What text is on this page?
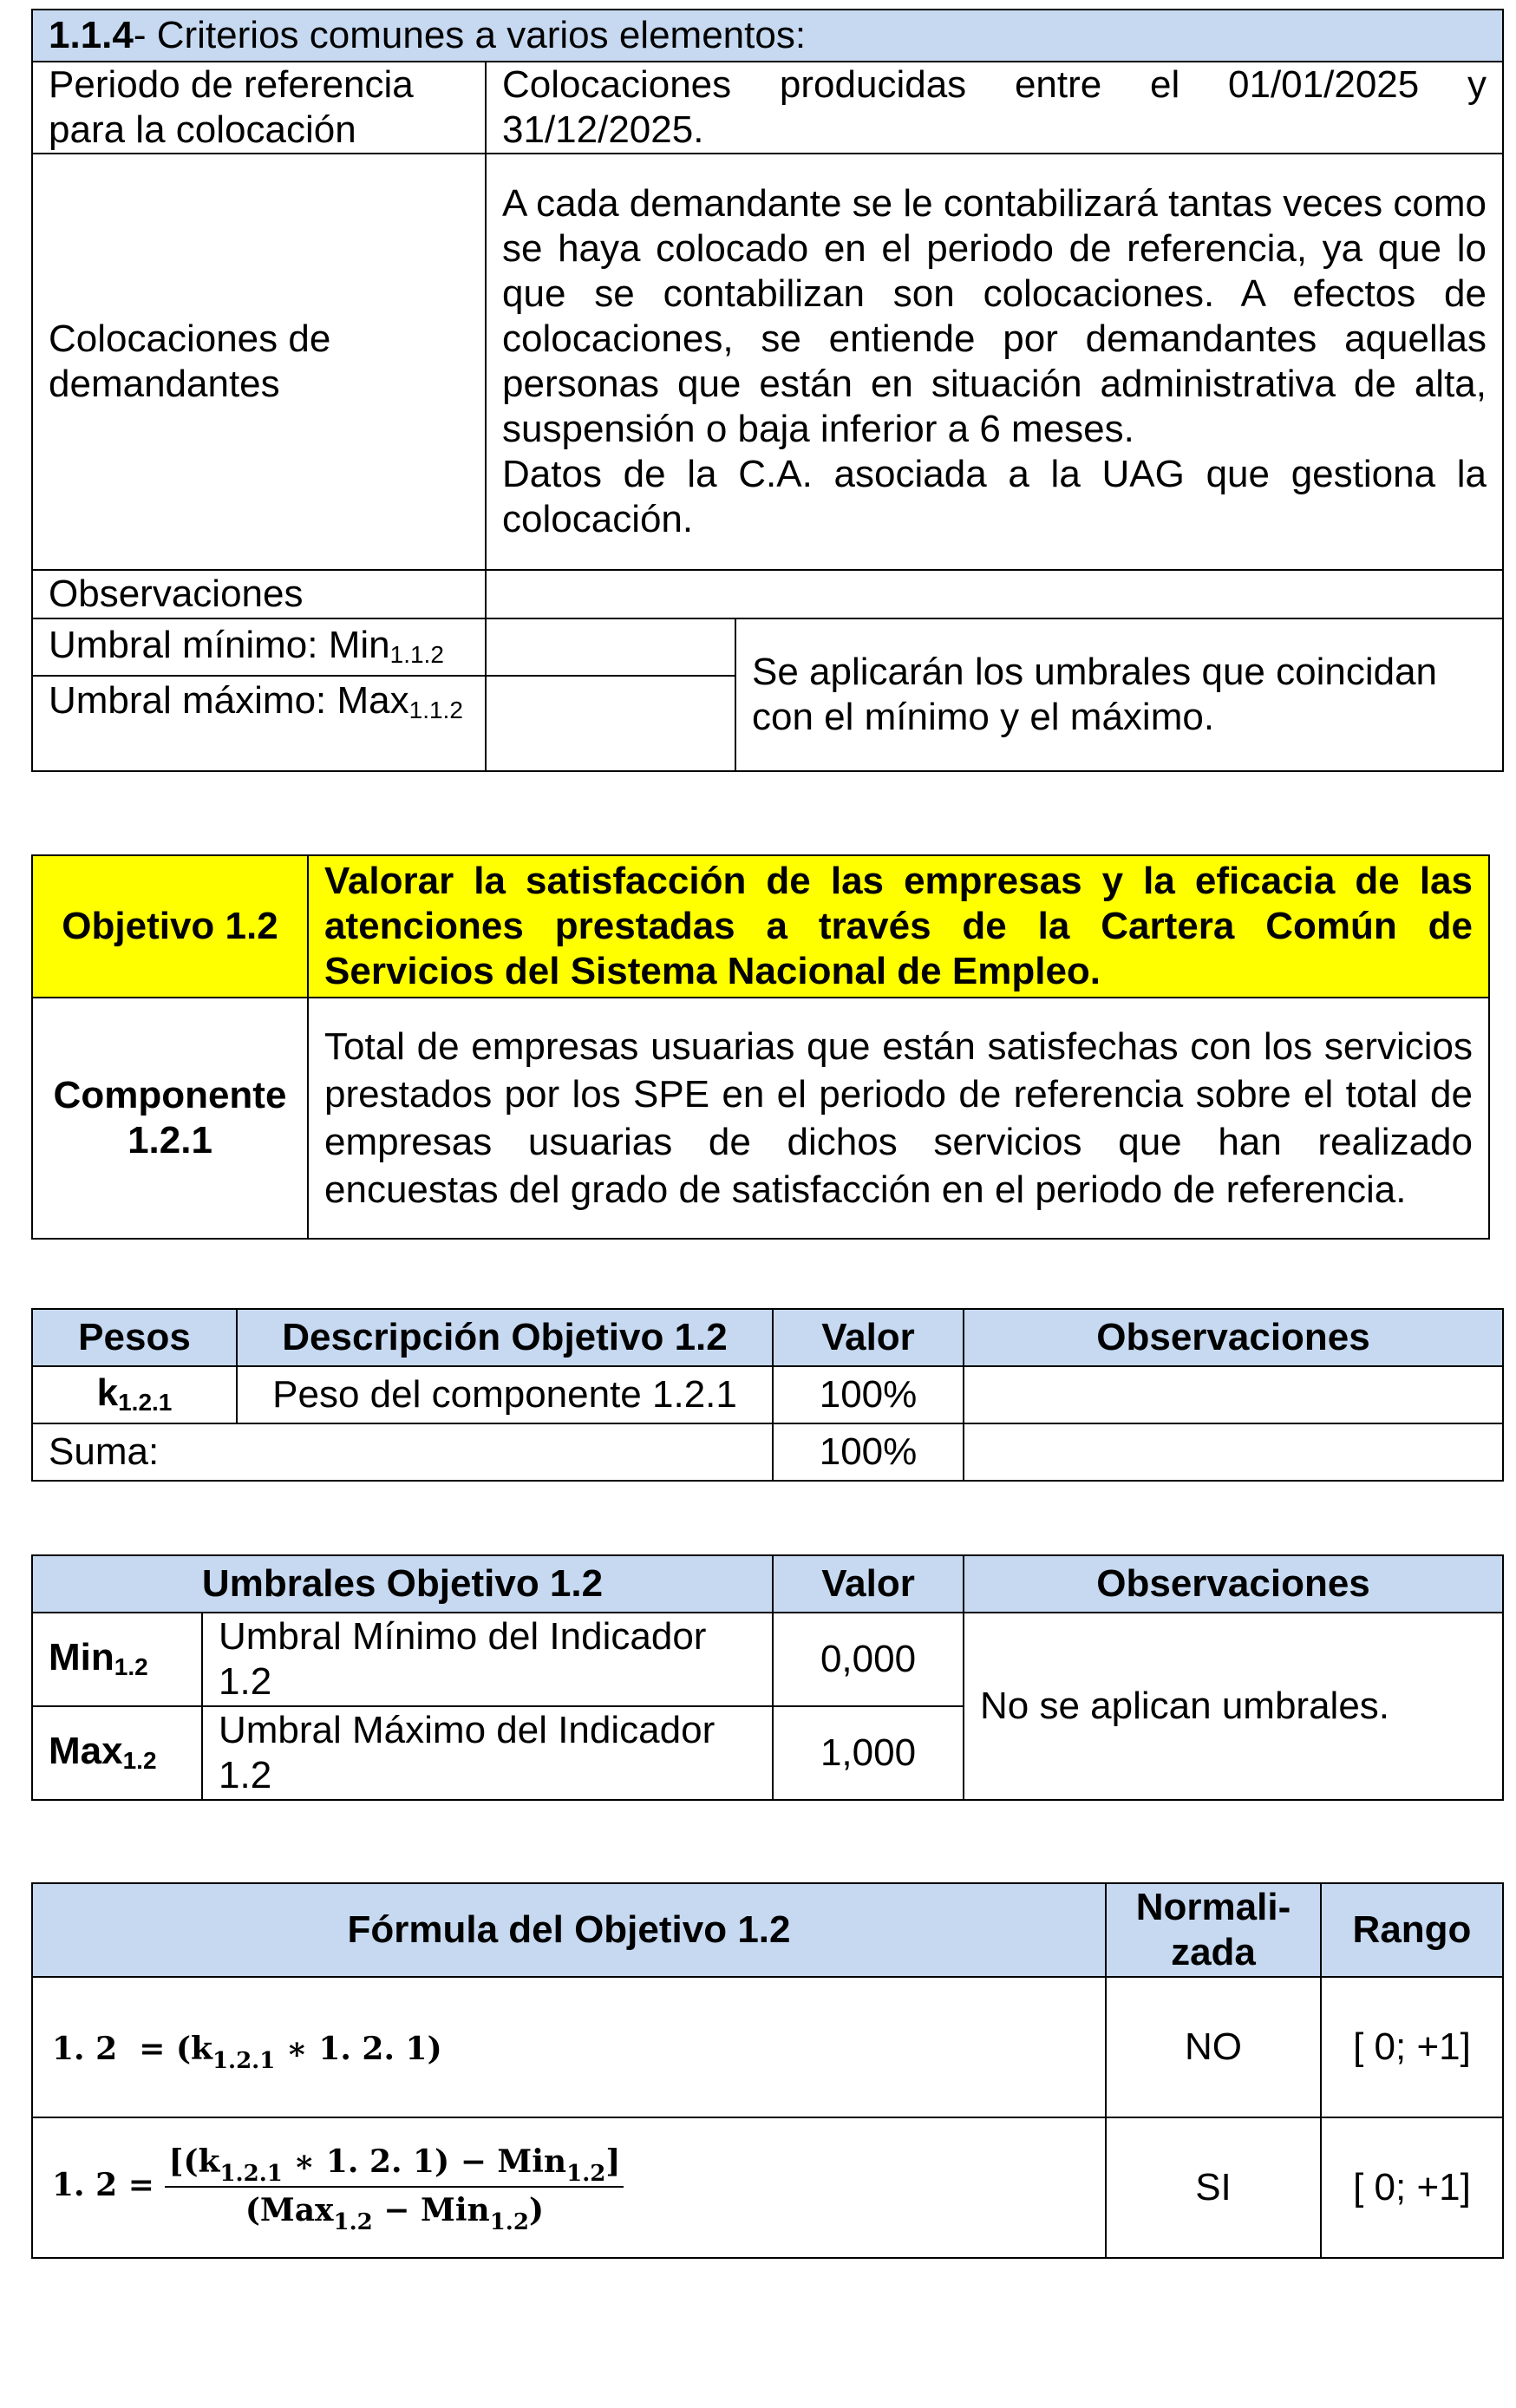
1.1.4- Criterios comunes a varios elementos:		
Periodo de referencia para la colocación	Colocaciones producidas entre el 01/01/2025 y 31/12/2025.	
Colocaciones de demandantes	A cada demandante se le contabilizará tantas veces como se haya colocado en el periodo de referencia, ya que lo que se contabilizan son colocaciones. A efectos de colocaciones, se entiende por demandantes aquellas personas que están en situación administrativa de alta, suspensión o baja inferior a 6 meses.
Datos de la C.A. asociada a la UAG que gestiona la colocación.	

Observaciones		
Umbral mínimo: Min$_{1.1.2}$		Se aplicarán los umbrales que coincidan con el mínimo y el máximo.
Umbral máximo: Max$_{1.1.2}$	
Objetivo 1.2	Valorar la satisfacción de las empresas y la eficacia de las atenciones prestadas a través de la Cartera Común de Servicios del Sistema Nacional de Empleo.
Componente 1.2.1	Total de empresas usuarias que están satisfechas con los servicios prestados por los SPE en el periodo de referencia sobre el total de empresas usuarias de dichos servicios que han realizado encuestas del grado de satisfacción en el periodo de referencia.
Pesos	Descripción Objetivo 1.2	Valor	Observaciones
$k_{1.2.1}$	Peso del componente 1.2.1	100%	
Suma:		100%	
Umbrales Objetivo 1.2		Valor	Observaciones
Min$_{1.2}$	Umbral Mínimo del Indicador 1.2	0,000	No se aplican umbrales.
Max$_{1.2}$	Umbral Máximo del Indicador 1.2	1,000	
Fórmula del Objetivo 1.2	Normali-zada	Rango
1. $2 = (k_{1.2.1}$ ∗ 1. 2. 1)	NO	[ 0; +1]
1. $2 = \frac{[(k_{1.2.1} ∗ 1. 2. 1) - Min_{1.2}]}{(Max_{1.2} - Min_{1.2})}$	SI	[ 0; +1]
